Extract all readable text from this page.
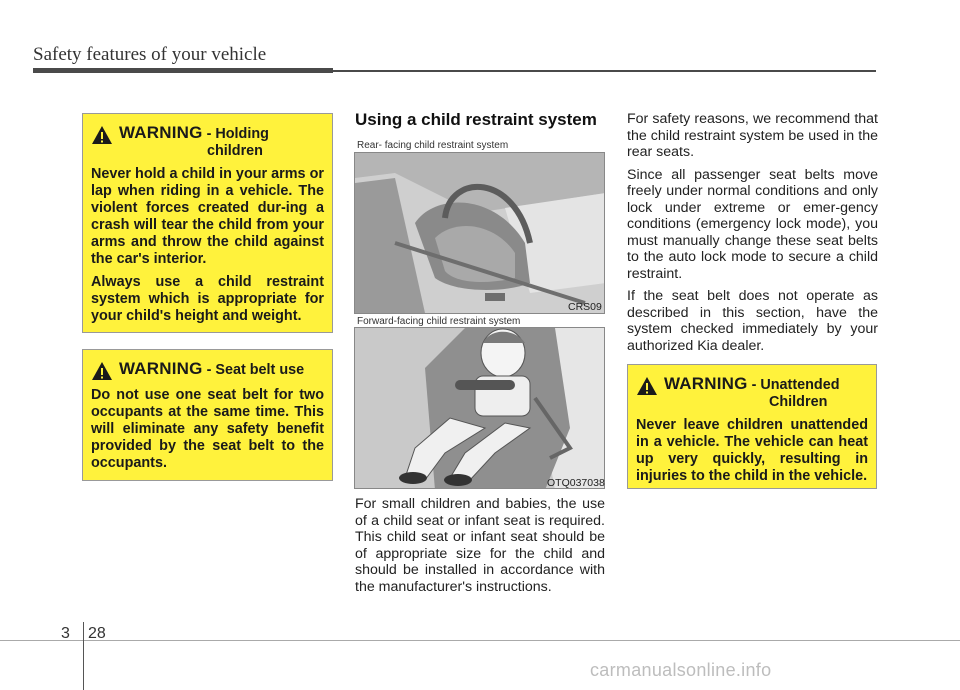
Safety features of your vehicle
WARNING - Holding
children

Never hold a child in your arms or lap when riding in a vehicle. The violent forces created dur-ing a crash will tear the child from your arms and throw the child against the car's interior.

Always use a child restraint system which is appropriate for your child's height and weight.

WARNING - Seat belt use

Do not use one seat belt for two occupants at the same time. This will eliminate any safety benefit provided by the seat belt to the occupants.

Using a child restraint system
Rear- facing child restraint system
CRS09
Forward-facing child restraint system
OTQ037038

For small children and babies, the use of a child seat or infant seat is required. This child seat or infant seat should be of appropriate size for the child and should be installed in accordance with the manufacturer's instructions.

For safety reasons, we recommend that the child restraint system be used in the rear seats.

Since all passenger seat belts move freely under normal conditions and only lock under extreme or emer-gency conditions (emergency lock mode), you must manually change these seat belts to the auto lock mode to secure a child restraint.

If the seat belt does not operate as described in this section, have the system checked immediately by your authorized Kia dealer.

WARNING - Unattended
Children

Never leave children unattended in a vehicle. The vehicle can heat up very quickly, resulting in injuries to the child in the vehicle.

3 28
carmanualsonline.info
